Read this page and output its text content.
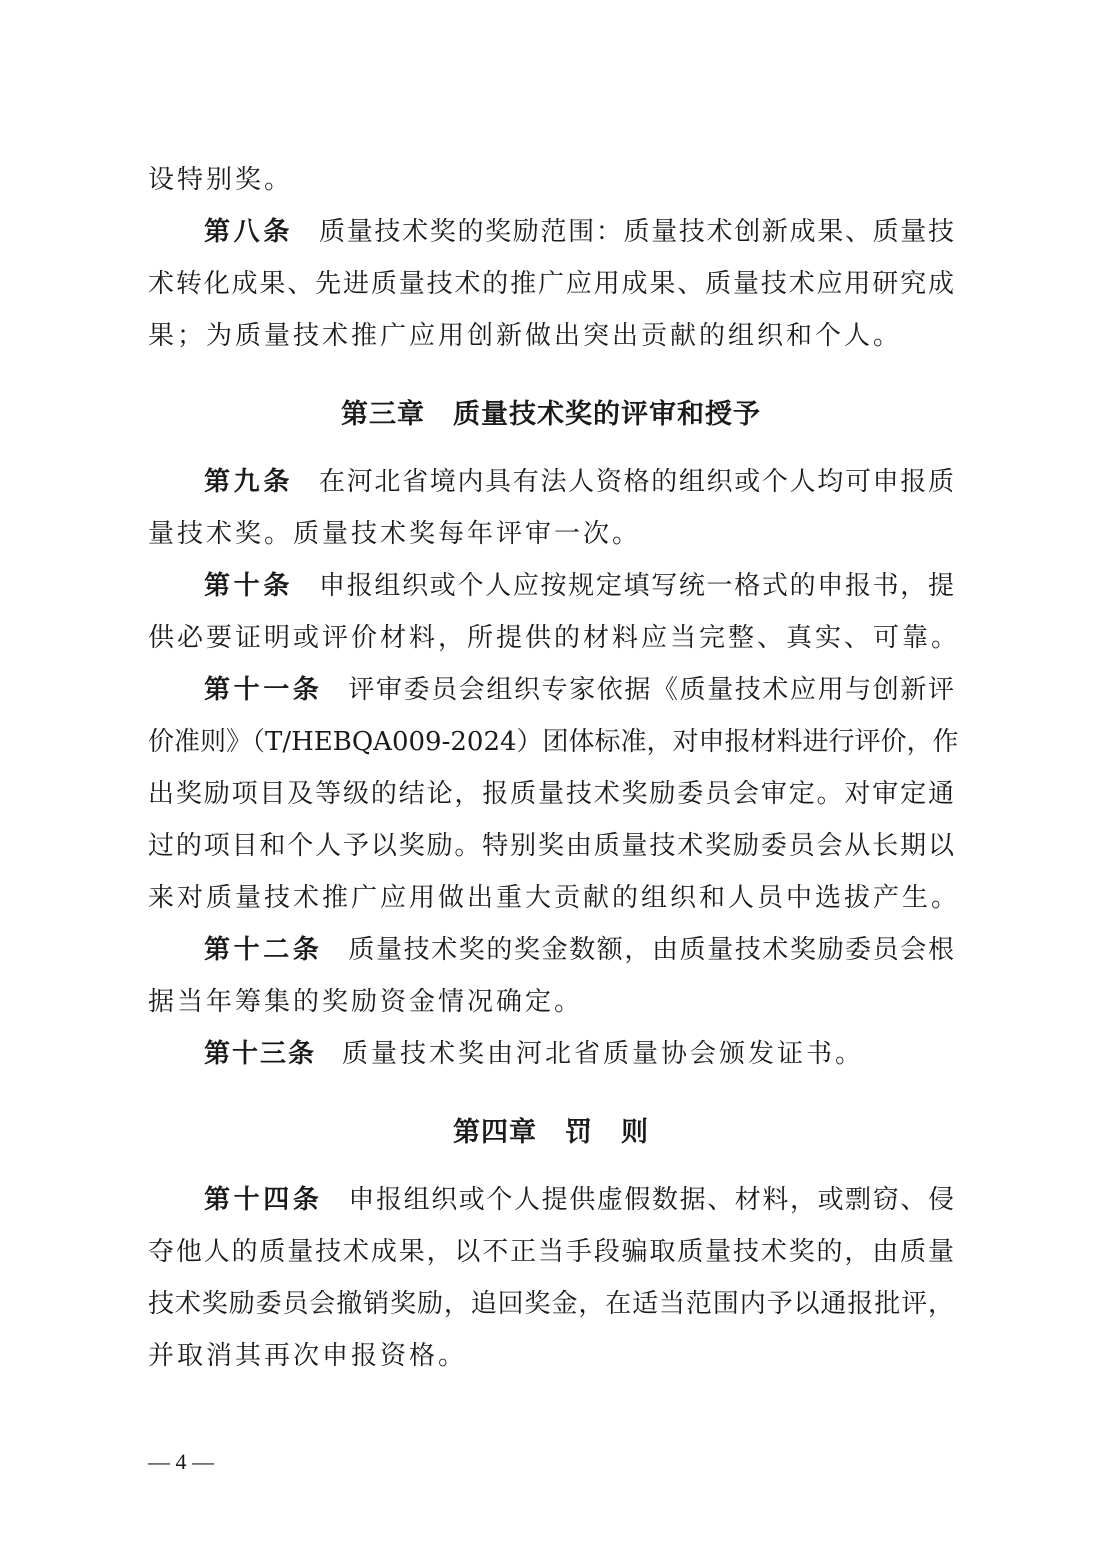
设特别奖。
第八条 质量技术奖的奖励范围：质量技术创新成果、质量技
术转化成果、先进质量技术的推广应用成果、质量技术应用研究成
果；为质量技术推广应用创新做出突出贡献的组织和个人。
第三章　质量技术奖的评审和授予
第九条 在河北省境内具有法人资格的组织或个人均可申报质
量技术奖。质量技术奖每年评审一次。
第十条 申报组织或个人应按规定填写统一格式的申报书，提
供必要证明或评价材料，所提供的材料应当完整、真实、可靠。
第十一条 评审委员会组织专家依据《质量技术应用与创新评
价准则》（T/HEBQA009-2024）团体标准，对申报材料进行评价，作
出奖励项目及等级的结论，报质量技术奖励委员会审定。对审定通
过的项目和个人予以奖励。特别奖由质量技术奖励委员会从长期以
来对质量技术推广应用做出重大贡献的组织和人员中选拔产生。
第十二条 质量技术奖的奖金数额，由质量技术奖励委员会根
据当年筹集的奖励资金情况确定。
第十三条 质量技术奖由河北省质量协会颁发证书。
第四章　罚　则
第十四条 申报组织或个人提供虚假数据、材料，或剽窃、侵
夺他人的质量技术成果，以不正当手段骗取质量技术奖的，由质量
技术奖励委员会撤销奖励，追回奖金，在适当范围内予以通报批评，
并取消其再次申报资格。
— 4 —
